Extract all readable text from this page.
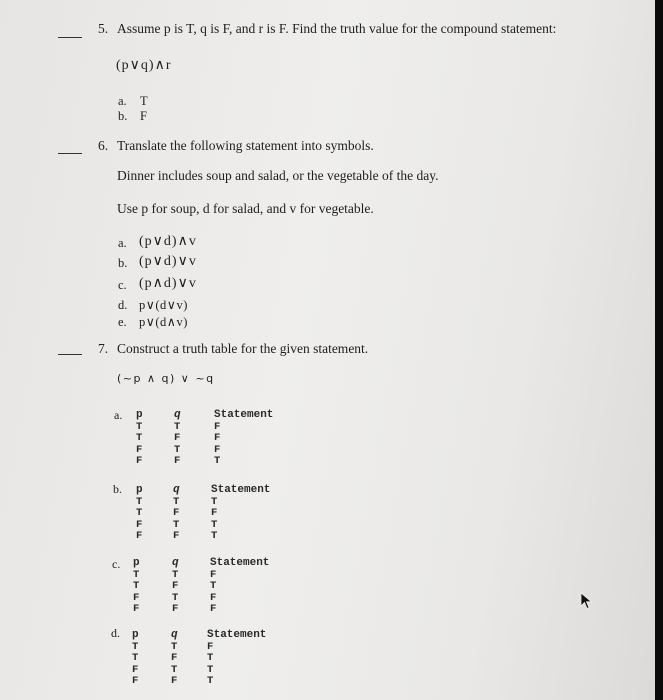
5. Assume p is T, q is F, and r is F. Find the truth value for the compound statement:
(p∨q)∧r
a. T
b. F
6. Translate the following statement into symbols.
Dinner includes soup and salad, or the vegetable of the day.
Use p for soup, d for salad, and v for vegetable.
a. (p∨d)∧v
b. (p∨d)∨v
c. (p∧d)∨v
d. p∨(d∨v)
e. p∨(d∧v)
7. Construct a truth table for the given statement.
(~p ∧ q) ∨ ~q
a. p
T
T
F
F
q
T
F
T
F
Statement
F
F
F
T
b. p
T
T
F
F
q
T
F
T
F
Statement
T
F
T
T
c. p
T
T
F
F
q
T
F
T
F
Statement
F
T
F
F
d. p
T
T
F
F
q
T
F
T
F
Statement
F
T
T
T
